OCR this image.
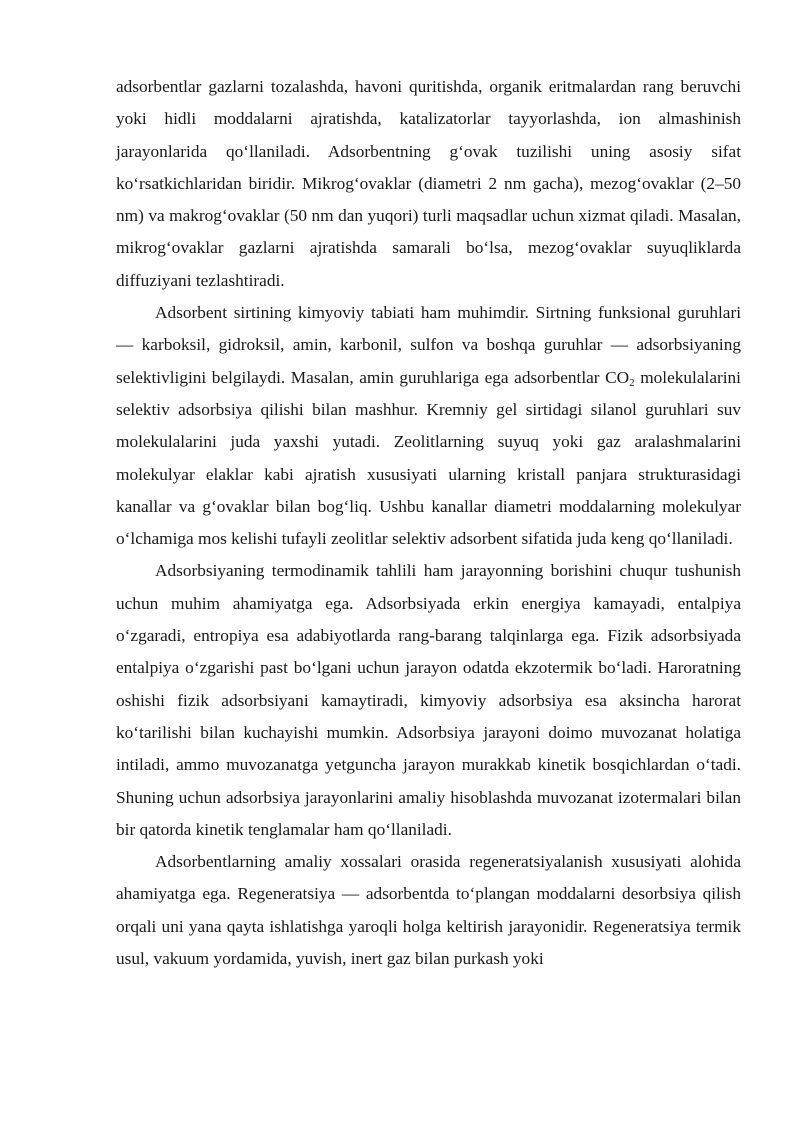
adsorbentlar gazlarni tozalashda, havoni quritishda, organik eritmalardan rang beruvchi yoki hidli moddalarni ajratishda, katalizatorlar tayyorlashda, ion almashinish jarayonlarida qo‘llaniladi. Adsorbentning g‘ovak tuzilishi uning asosiy sifat ko‘rsatkichlaridan biridir. Mikrog‘ovaklar (diametri 2 nm gacha), mezog‘ovaklar (2–50 nm) va makrog‘ovaklar (50 nm dan yuqori) turli maqsadlar uchun xizmat qiladi. Masalan, mikrog‘ovaklar gazlarni ajratishda samarali bo‘lsa, mezog‘ovaklar suyuqliklarda diffuziyani tezlashtiradi.

Adsorbent sirtining kimyoviy tabiati ham muhimdir. Sirtning funksional guruhlari — karboksil, gidroksil, amin, karbonil, sulfon va boshqa guruhlar — adsorbsiyaning selektivligini belgilaydi. Masalan, amin guruhlariga ega adsorbentlar $CO_2$ molekulalarini selektiv adsorbsiya qilishi bilan mashhur. Kremniy gel sirtidagi silanol guruhlari suv molekulalarini juda yaxshi yutadi. Zeolitlarning suyuq yoki gaz aralashmalarini molekulyar elaklar kabi ajratish xususiyati ularning kristall panjara strukturasidagi kanallar va g‘ovaklar bilan bog‘liq. Ushbu kanallar diametri moddalarning molekulyar o‘lchamiga mos kelishi tufayli zeolitlar selektiv adsorbent sifatida juda keng qo‘llaniladi.

Adsorbsiyaning termodinamik tahlili ham jarayonning borishini chuqur tushunish uchun muhim ahamiyatga ega. Adsorbsiyada erkin energiya kamayadi, entalpiya o‘zgaradi, entropiya esa adabiyotlarda rang-barang talqinlarga ega. Fizik adsorbsiyada entalpiya o‘zgarishi past bo‘lgani uchun jarayon odatda ekzotermik bo‘ladi. Haroratning oshishi fizik adsorbsiyani kamaytiradi, kimyoviy adsorbsiya esa aksincha harorat ko‘tarilishi bilan kuchayishi mumkin. Adsorbsiya jarayoni doimo muvozanat holatiga intiladi, ammo muvozanatga yetguncha jarayon murakkab kinetik bosqichlardan o‘tadi. Shuning uchun adsorbsiya jarayonlarini amaliy hisoblashda muvozanat izotermalari bilan bir qatorda kinetik tenglamalar ham qo‘llaniladi.

Adsorbentlarning amaliy xossalari orasida regeneratsiyalanish xususiyati alohida ahamiyatga ega. Regeneratsiya — adsorbentda to‘plangan moddalarni desorbsiya qilish orqali uni yana qayta ishlatishga yaroqli holga keltirish jarayonidir. Regeneratsiya termik usul, vakuum yordamida, yuvish, inert gaz bilan purkash yoki
